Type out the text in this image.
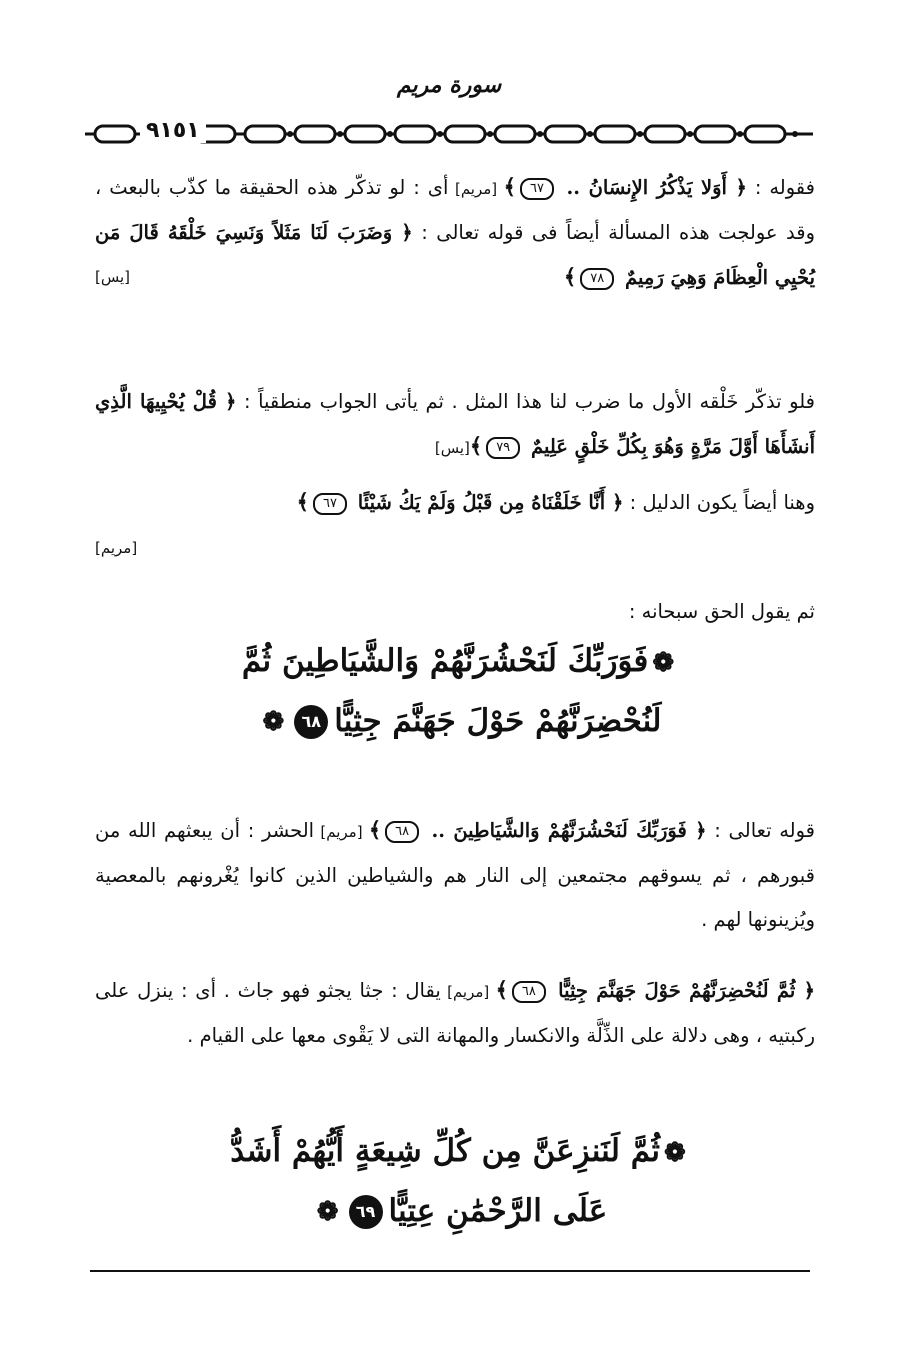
سورة مريم
٩١٥١

فقوله : ﴿ أَوَلا يَذْكُرُ الإِنسَانُ .. ٦٧﴾ [مريم] أى : لو تذكّر هذه الحقيقة ما كذّب بالبعث ، وقد عولجت هذه المسألة أيضاً فى قوله تعالى : ﴿ وَضَرَبَ لَنَا مَثَلاً وَنَسِيَ خَلْقَهُ قَالَ مَن يُحْيِي الْعِظَامَ وَهِيَ رَمِيمٌ ٧٨﴾
[يس]

فلو تذكّر خَلْقه الأول ما ضرب لنا هذا المثل . ثم يأتى الجواب منطقياً : ﴿ قُلْ يُحْيِيهَا الَّذِي أَنشَأَهَا أَوَّلَ مَرَّةٍ وَهُوَ بِكُلِّ خَلْقٍ عَلِيمٌ ٧٩﴾[يس]

وهنا أيضاً يكون الدليل : ﴿ أَنَّا خَلَقْنَاهُ مِن قَبْلُ وَلَمْ يَكُ شَيْئًا ٦٧﴾

[مريم]

ثم يقول الحق سبحانه :

❁فَوَرَبِّكَ لَنَحْشُرَنَّهُمْ وَالشَّيَاطِينَ ثُمَّ
لَنُحْضِرَنَّهُمْ حَوْلَ جَهَنَّمَ جِثِيًّا٦٨❁

قوله تعالى : ﴿ فَوَرَبِّكَ لَنَحْشُرَنَّهُمْ وَالشَّيَاطِينَ .. ٦٨﴾ [مريم] الحشر : أن يبعثهم الله من قبورهم ، ثم يسوقهم مجتمعين إلى النار هم والشياطين الذين كانوا يُغْرونهم بالمعصية ويُزينونها لهم .

﴿ ثُمَّ لَنُحْضِرَنَّهُمْ حَوْلَ جَهَنَّمَ جِثِيًّا ٦٨﴾ [مريم] يقال : جثا يجثو فهو جاث . أى : ينزل على ركبتيه ، وهى دلالة على الذِّلَّة والانكسار والمهانة التى لا يَقْوى معها على القيام .

❁ثُمَّ لَنَنزِعَنَّ مِن كُلِّ شِيعَةٍ أَيُّهُمْ أَشَدُّ
عَلَى الرَّحْمَٰنِ عِتِيًّا٦٩❁
